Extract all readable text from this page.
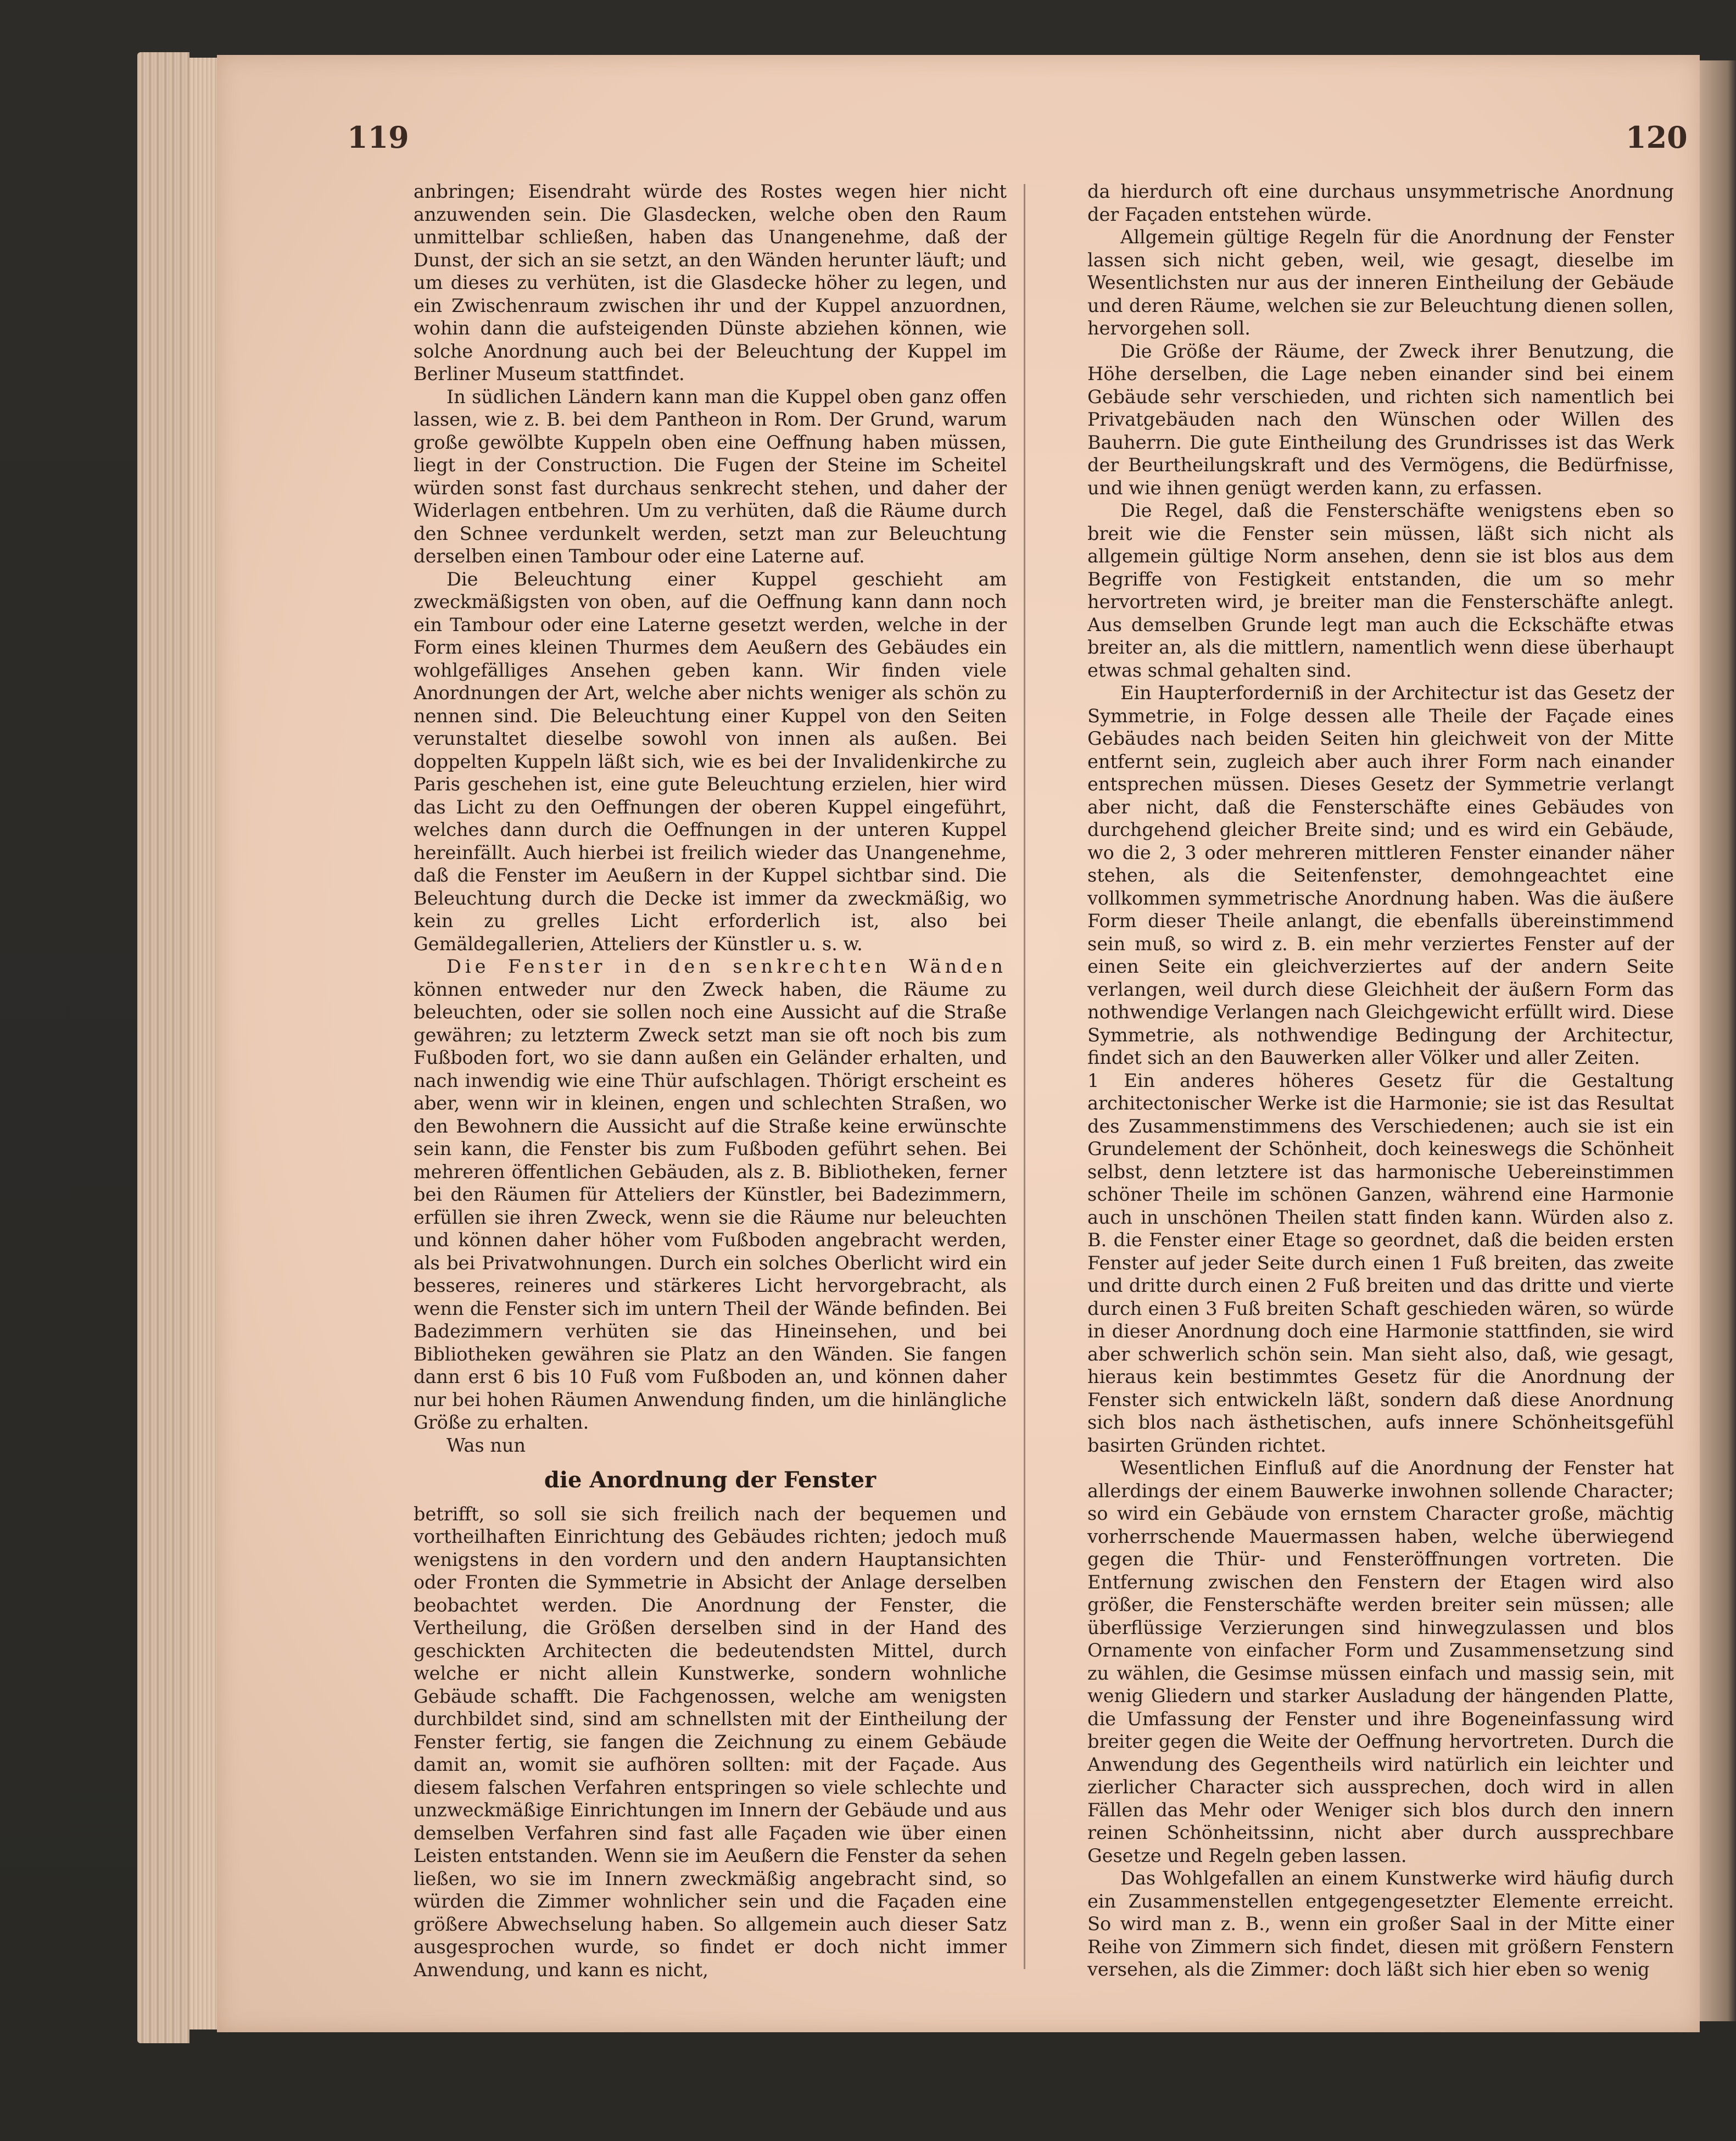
119	120

anbringen; Eisendraht würde des Rostes wegen hier nicht anzuwenden sein. Die Glasdecken, welche oben den Raum unmittelbar schließen, haben das Unangenehme, daß der Dunst, der sich an sie setzt, an den Wänden herunter läuft; und um dieses zu verhüten, ist die Glasdecke höher zu legen, und ein Zwischenraum zwischen ihr und der Kuppel anzuordnen, wohin dann die aufsteigenden Dünste abziehen können, wie solche Anordnung auch bei der Beleuchtung der Kuppel im Berliner Museum stattfindet.

In südlichen Ländern kann man die Kuppel oben ganz offen lassen, wie z. B. bei dem Pantheon in Rom. Der Grund, warum große gewölbte Kuppeln oben eine Oeffnung haben müssen, liegt in der Construction. Die Fugen der Steine im Scheitel würden sonst fast durchaus senkrecht stehen, und daher der Widerlagen entbehren. Um zu verhüten, daß die Räume durch den Schnee verdunkelt werden, setzt man zur Beleuchtung derselben einen Tambour oder eine Laterne auf.

Die Beleuchtung einer Kuppel geschieht am zweckmäßigsten von oben, auf die Oeffnung kann dann noch ein Tambour oder eine Laterne gesetzt werden, welche in der Form eines kleinen Thurmes dem Aeußern des Gebäudes ein wohlgefälliges Ansehen geben kann. Wir finden viele Anordnungen der Art, welche aber nichts weniger als schön zu nennen sind. Die Beleuchtung einer Kuppel von den Seiten verunstaltet dieselbe sowohl von innen als außen. Bei doppelten Kuppeln läßt sich, wie es bei der Invalidenkirche zu Paris geschehen ist, eine gute Beleuchtung erzielen, hier wird das Licht zu den Oeffnungen der oberen Kuppel eingeführt, welches dann durch die Oeffnungen in der unteren Kuppel hereinfällt. Auch hierbei ist freilich wieder das Unangenehme, daß die Fenster im Aeußern in der Kuppel sichtbar sind. Die Beleuchtung durch die Decke ist immer da zweckmäßig, wo kein zu grelles Licht erforderlich ist, also bei Gemäldegallerien, Atteliers der Künstler u. s. w.

Die Fenster in den senkrechten Wänden können entweder nur den Zweck haben, die Räume zu beleuchten, oder sie sollen noch eine Aussicht auf die Straße gewähren; zu letzterm Zweck setzt man sie oft noch bis zum Fußboden fort, wo sie dann außen ein Geländer erhalten, und nach inwendig wie eine Thür aufschlagen. Thörigt erscheint es aber, wenn wir in kleinen, engen und schlechten Straßen, wo den Bewohnern die Aussicht auf die Straße keine erwünschte sein kann, die Fenster bis zum Fußboden geführt sehen. Bei mehreren öffentlichen Gebäuden, als z. B. Bibliotheken, ferner bei den Räumen für Atteliers der Künstler, bei Badezimmern, erfüllen sie ihren Zweck, wenn sie die Räume nur beleuchten und können daher höher vom Fußboden angebracht werden, als bei Privatwohnungen. Durch ein solches Oberlicht wird ein besseres, reineres und stärkeres Licht hervorgebracht, als wenn die Fenster sich im untern Theil der Wände befinden. Bei Badezimmern verhüten sie das Hineinsehen, und bei Bibliotheken gewähren sie Platz an den Wänden. Sie fangen dann erst 6 bis 10 Fuß vom Fußboden an, und können daher nur bei hohen Räumen Anwendung finden, um die hinlängliche Größe zu erhalten.

Was nun

die Anordnung der Fenster

betrifft, so soll sie sich freilich nach der bequemen und vortheilhaften Einrichtung des Gebäudes richten; jedoch muß wenigstens in den vordern und den andern Hauptansichten oder Fronten die Symmetrie in Absicht der Anlage derselben beobachtet werden. Die Anordnung der Fenster, die Vertheilung, die Größen derselben sind in der Hand des geschickten Architecten die bedeutendsten Mittel, durch welche er nicht allein Kunstwerke, sondern wohnliche Gebäude schafft. Die Fachgenossen, welche am wenigsten durchbildet sind, sind am schnellsten mit der Eintheilung der Fenster fertig, sie fangen die Zeichnung zu einem Gebäude damit an, womit sie aufhören sollten: mit der Façade. Aus diesem falschen Verfahren entspringen so viele schlechte und unzweckmäßige Einrichtungen im Innern der Gebäude und aus demselben Verfahren sind fast alle Façaden wie über einen Leisten entstanden. Wenn sie im Aeußern die Fenster da sehen ließen, wo sie im Innern zweckmäßig angebracht sind, so würden die Zimmer wohnlicher sein und die Façaden eine größere Abwechselung haben. So allgemein auch dieser Satz ausgesprochen wurde, so findet er doch nicht immer Anwendung, und kann es nicht,

da hierdurch oft eine durchaus unsymmetrische Anordnung der Façaden entstehen würde.

Allgemein gültige Regeln für die Anordnung der Fenster lassen sich nicht geben, weil, wie gesagt, dieselbe im Wesentlichsten nur aus der inneren Eintheilung der Gebäude und deren Räume, welchen sie zur Beleuchtung dienen sollen, hervorgehen soll.

Die Größe der Räume, der Zweck ihrer Benutzung, die Höhe derselben, die Lage neben einander sind bei einem Gebäude sehr verschieden, und richten sich namentlich bei Privatgebäuden nach den Wünschen oder Willen des Bauherrn. Die gute Eintheilung des Grundrisses ist das Werk der Beurtheilungskraft und des Vermögens, die Bedürfnisse, und wie ihnen genügt werden kann, zu erfassen.

Die Regel, daß die Fensterschäfte wenigstens eben so breit wie die Fenster sein müssen, läßt sich nicht als allgemein gültige Norm ansehen, denn sie ist blos aus dem Begriffe von Festigkeit entstanden, die um so mehr hervortreten wird, je breiter man die Fensterschäfte anlegt. Aus demselben Grunde legt man auch die Eckschäfte etwas breiter an, als die mittlern, namentlich wenn diese überhaupt etwas schmal gehalten sind.

Ein Haupterforderniß in der Architectur ist das Gesetz der Symmetrie, in Folge dessen alle Theile der Façade eines Gebäudes nach beiden Seiten hin gleichweit von der Mitte entfernt sein, zugleich aber auch ihrer Form nach einander entsprechen müssen. Dieses Gesetz der Symmetrie verlangt aber nicht, daß die Fensterschäfte eines Gebäudes von durchgehend gleicher Breite sind; und es wird ein Gebäude, wo die 2, 3 oder mehreren mittleren Fenster einander näher stehen, als die Seitenfenster, demohngeachtet eine vollkommen symmetrische Anordnung haben. Was die äußere Form dieser Theile anlangt, die ebenfalls übereinstimmend sein muß, so wird z. B. ein mehr verziertes Fenster auf der einen Seite ein gleichverziertes auf der andern Seite verlangen, weil durch diese Gleichheit der äußern Form das nothwendige Verlangen nach Gleichgewicht erfüllt wird. Diese Symmetrie, als nothwendige Bedingung der Architectur, findet sich an den Bauwerken aller Völker und aller Zeiten.

1 Ein anderes höheres Gesetz für die Gestaltung architectonischer Werke ist die Harmonie; sie ist das Resultat des Zusammenstimmens des Verschiedenen; auch sie ist ein Grundelement der Schönheit, doch keineswegs die Schönheit selbst, denn letztere ist das harmonische Uebereinstimmen schöner Theile im schönen Ganzen, während eine Harmonie auch in unschönen Theilen statt finden kann. Würden also z. B. die Fenster einer Etage so geordnet, daß die beiden ersten Fenster auf jeder Seite durch einen 1 Fuß breiten, das zweite und dritte durch einen 2 Fuß breiten und das dritte und vierte durch einen 3 Fuß breiten Schaft geschieden wären, so würde in dieser Anordnung doch eine Harmonie stattfinden, sie wird aber schwerlich schön sein. Man sieht also, daß, wie gesagt, hieraus kein bestimmtes Gesetz für die Anordnung der Fenster sich entwickeln läßt, sondern daß diese Anordnung sich blos nach ästhetischen, aufs innere Schönheitsgefühl basirten Gründen richtet.

Wesentlichen Einfluß auf die Anordnung der Fenster hat allerdings der einem Bauwerke inwohnen sollende Character; so wird ein Gebäude von ernstem Character große, mächtig vorherrschende Mauermassen haben, welche überwiegend gegen die Thür- und Fensteröffnungen vortreten. Die Entfernung zwischen den Fenstern der Etagen wird also größer, die Fensterschäfte werden breiter sein müssen; alle überflüssige Verzierungen sind hinwegzulassen und blos Ornamente von einfacher Form und Zusammensetzung sind zu wählen, die Gesimse müssen einfach und massig sein, mit wenig Gliedern und starker Ausladung der hängenden Platte, die Umfassung der Fenster und ihre Bogeneinfassung wird breiter gegen die Weite der Oeffnung hervortreten. Durch die Anwendung des Gegentheils wird natürlich ein leichter und zierlicher Character sich aussprechen, doch wird in allen Fällen das Mehr oder Weniger sich blos durch den innern reinen Schönheitssinn, nicht aber durch aussprechbare Gesetze und Regeln geben lassen.

Das Wohlgefallen an einem Kunstwerke wird häufig durch ein Zusammenstellen entgegengesetzter Elemente erreicht. So wird man z. B., wenn ein großer Saal in der Mitte einer Reihe von Zimmern sich findet, diesen mit größern Fenstern versehen, als die Zimmer: doch läßt sich hier eben so wenig
